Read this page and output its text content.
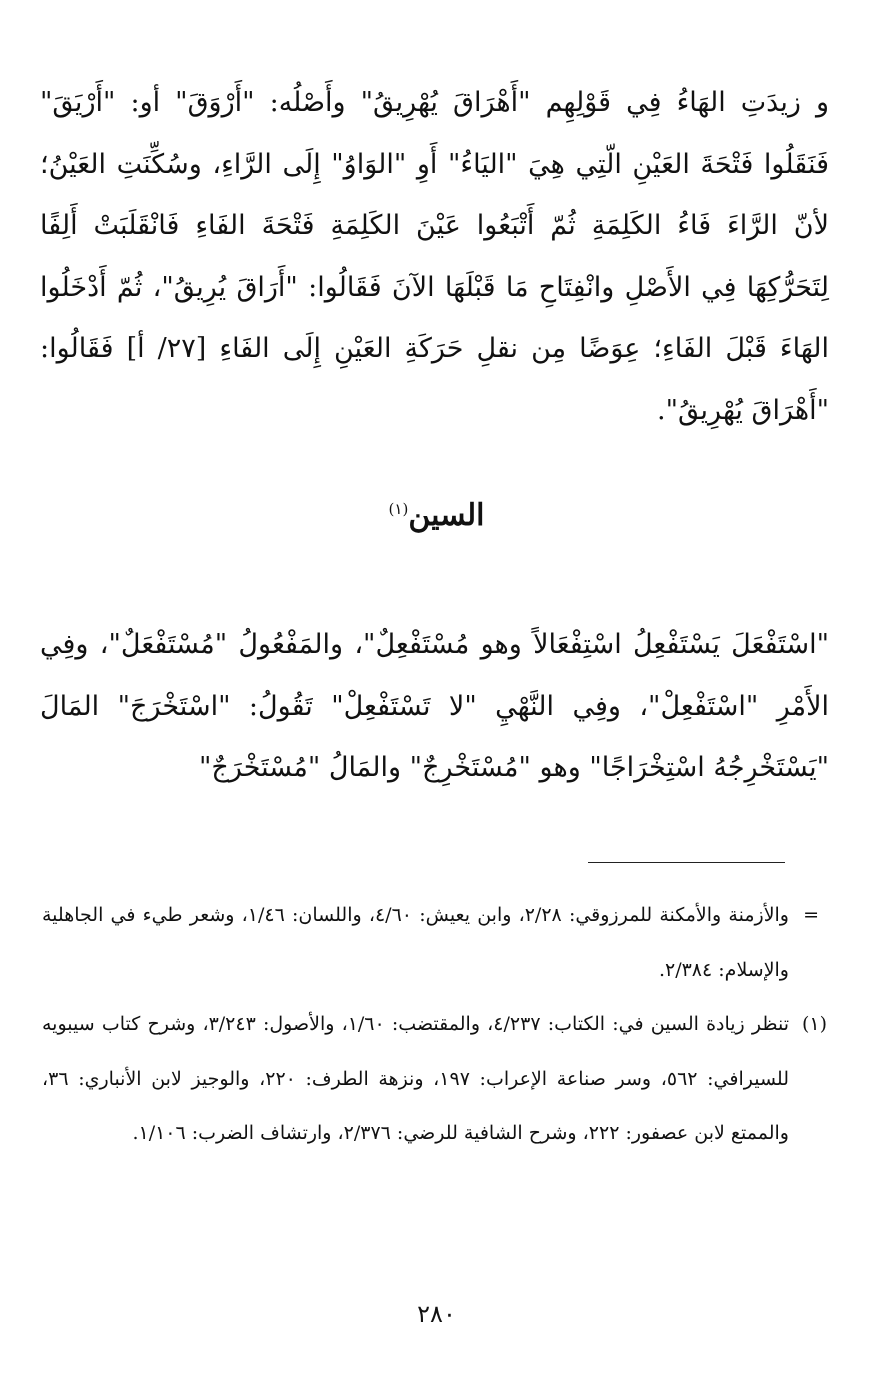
و زيدَتِ الهَاءُ فِي قَوْلِهِم "أَهْرَاقَ يُهْرِيقُ" وأَصْلُه: "أَرْوَقَ" أو: "أَرْيَقَ" فَنَقَلُوا فَتْحَةَ العَيْنِ الّتِي هِيَ "اليَاءُ" أَوِ "الوَاوُ" إِلَى الرَّاءِ، وسُكِّنَتِ العَيْنُ؛ لأنّ الرَّاءَ فَاءُ الكَلِمَةِ ثُمّ أَتْبَعُوا عَيْنَ الكَلِمَةِ فَتْحَةَ الفَاءِ فَانْقَلَبَتْ أَلِفًا لِتَحَرُّكِهَا فِي الأَصْلِ وانْفِتَاحِ مَا قَبْلَهَا الآنَ فَقَالُوا: "أَرَاقَ يُرِيقُ"، ثُمّ أَدْخَلُوا الهَاءَ قَبْلَ الفَاءِ؛ عِوَضًا مِن نقلِ حَرَكَةِ العَيْنِ إِلَى الفَاءِ [٢٧/ أ] فَقَالُوا: "أَهْرَاقَ يُهْرِيقُ".

السين$^{(١)}$

"اسْتَفْعَلَ يَسْتَفْعِلُ اسْتِفْعَالاً وهو مُسْتَفْعِلٌ"، والمَفْعُولُ "مُسْتَفْعَلٌ"، وفِي الأَمْرِ "اسْتَفْعِلْ"، وفِي النَّهْيِ "لا تَسْتَفْعِلْ" تَقُولُ: "اسْتَخْرَجَ" المَالَ "يَسْتَخْرِجُهُ اسْتِخْرَاجًا" وهو "مُسْتَخْرِجٌ" والمَالُ "مُسْتَخْرَجٌ"

=
والأزمنة والأمكنة للمرزوقي: ٢/٢٨، وابن يعيش: ٤/٦٠، واللسان: ١/٤٦، وشعر طيء في الجاهلية والإسلام: ٢/٣٨٤.

(١)
تنظر زيادة السين في: الكتاب: ٤/٢٣٧، والمقتضب: ١/٦٠، والأصول: ٣/٢٤٣، وشرح كتاب سيبويه للسيرافي: ٥٦٢، وسر صناعة الإعراب: ١٩٧، ونزهة الطرف: ٢٢٠، والوجيز لابن الأنباري: ٣٦، والممتع لابن عصفور: ٢٢٢، وشرح الشافية للرضي: ٢/٣٧٦، وارتشاف الضرب: ١/١٠٦.

٢٨٠
